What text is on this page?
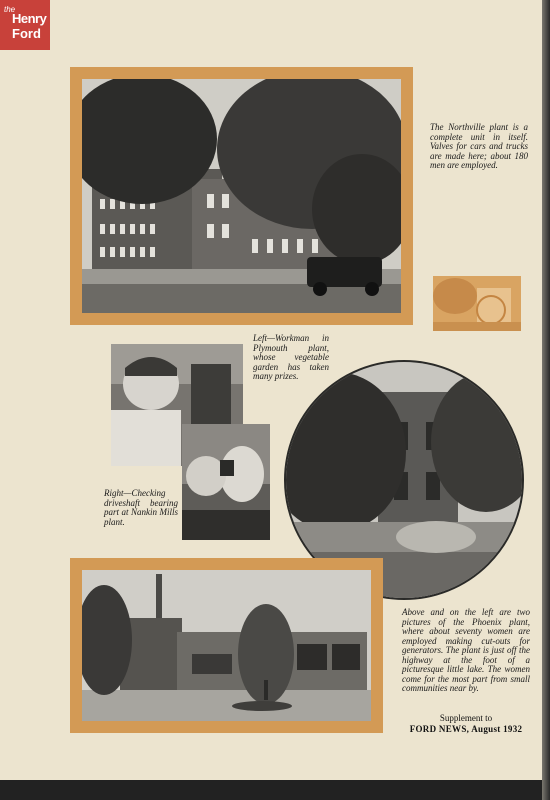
the
Henry
Ford
The Northville plant is a complete unit in itself. Valves for cars and trucks are made here; about 180 men are employed.
Left—Workman in Plymouth plant, whose vegetable garden has taken many prizes.
Right—Checking driveshaft bearing part at Nankin Mills plant.
Above and on the left are two pictures of the Phoenix plant, where about seventy women are employed making cut-outs for generators. The plant is just off the highway at the foot of a picturesque little lake. The women come for the most part from small communities near by.
Supplement to
FORD NEWS, August 1932
